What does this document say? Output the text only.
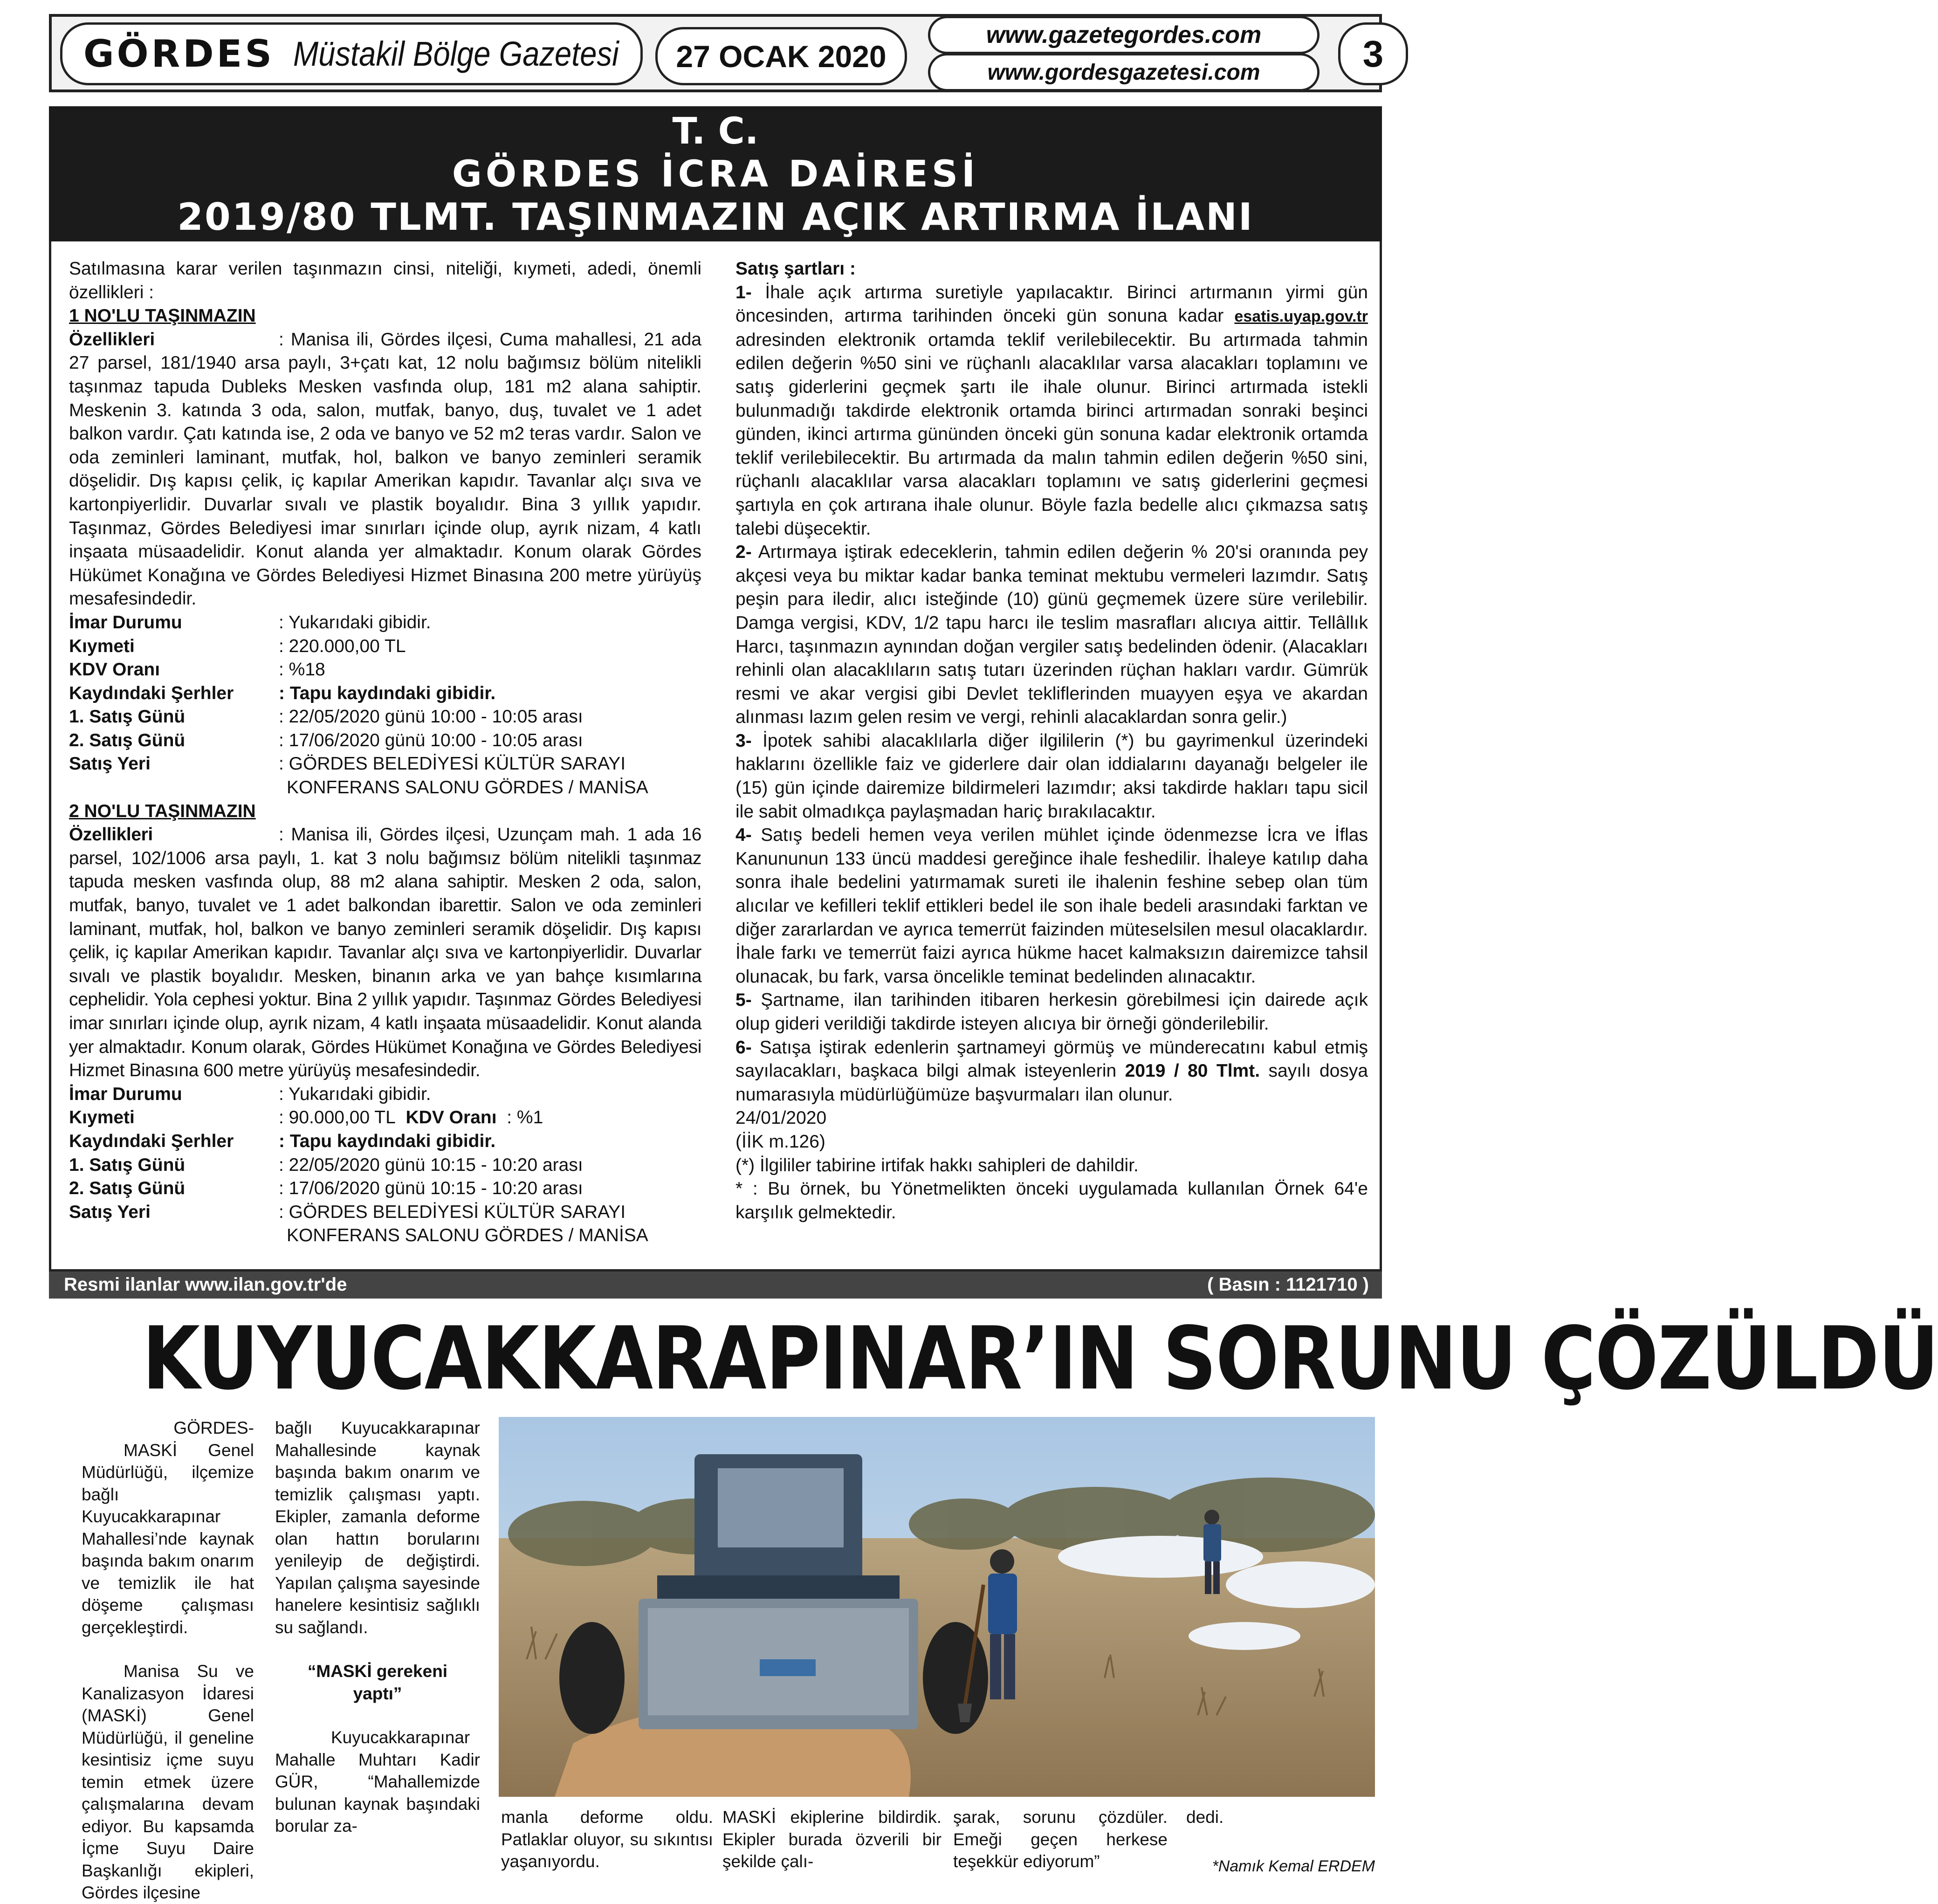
GÖRDES Müstakil Bölge Gazetesi	27 OCAK 2020
www.gazetegordes.com
www.gordesgazetesi.com	3
T. C.
GÖRDES İCRA DAİRESİ
2019/80 TLMT. TAŞINMAZIN AÇIK ARTIRMA İLANI
Satılmasına karar verilen taşınmazın cinsi, niteliği, kıymeti, adedi, önemli özellikleri :
1 NO'LU TAŞINMAZIN
Özellikleri	: Manisa ili, Gördes ilçesi, Cuma mahallesi, 21 ada 27 parsel, 181/1940 arsa paylı, 3+çatı kat, 12 nolu bağımsız bölüm nitelikli taşınmaz tapuda Dubleks Mesken vasfında olup, 181 m2 alana sahiptir. Meskenin 3. katında 3 oda, salon, mutfak, banyo, duş, tuvalet ve 1 adet balkon vardır. Çatı katında ise, 2 oda ve banyo ve 52 m2 teras vardır. Salon ve oda zeminleri laminant, mutfak, hol, balkon ve banyo zeminleri seramik döşelidir. Dış kapısı çelik, iç kapılar Amerikan kapıdır. Tavanlar alçı sıva ve kartonpiyerlidir. Duvarlar sıvalı ve plastik boyalıdır. Bina 3 yıllık yapıdır. Taşınmaz, Gördes Belediyesi imar sınırları içinde olup, ayrık nizam, 4 katlı inşaata müsaadelidir. Konut alanda yer almaktadır. Konum olarak Gördes Hükümet Konağına ve Gördes Belediyesi Hizmet Binasına 200 metre yürüyüş mesafesindedir.
İmar Durumu	: Yukarıdaki gibidir.
Kıymeti	: 220.000,00 TL
KDV Oranı	: %18
Kaydındaki Şerhler	: Tapu kaydındaki gibidir.
1. Satış Günü	: 22/05/2020 günü 10:00 - 10:05 arası
2. Satış Günü	: 17/06/2020 günü 10:00 - 10:05 arası
Satış Yeri	: GÖRDES BELEDİYESİ KÜLTÜR SARAYI
KONFERANS SALONU GÖRDES / MANİSA
2 NO'LU TAŞINMAZIN
Özellikleri	: Manisa ili, Gördes ilçesi, Uzunçam mah. 1 ada 16 parsel, 102/1006 arsa paylı, 1. kat 3 nolu bağımsız bölüm nitelikli taşınmaz tapuda mesken vasfında olup, 88 m2 alana sahiptir. Mesken 2 oda, salon, mutfak, banyo, tuvalet ve 1 adet balkondan ibarettir. Salon ve oda zeminleri laminant, mutfak, hol, balkon ve banyo zeminleri seramik döşelidir. Dış kapısı çelik, iç kapılar Amerikan kapıdır. Tavanlar alçı sıva ve kartonpiyerlidir. Duvarlar sıvalı ve plastik boyalıdır. Mesken, binanın arka ve yan bahçe kısımlarına cephelidir. Yola cephesi yoktur. Bina 2 yıllık yapıdır. Taşınmaz Gördes Belediyesi imar sınırları içinde olup, ayrık nizam, 4 katlı inşaata müsaadelidir. Konut alanda yer almaktadır. Konum olarak, Gördes Hükümet Konağına ve Gördes Belediyesi Hizmet Binasına 600 metre yürüyüş mesafesindedir.
İmar Durumu	: Yukarıdaki gibidir.
Kıymeti	: 90.000,00 TL KDV Oranı : %1
Kaydındaki Şerhler	: Tapu kaydındaki gibidir.
1. Satış Günü	: 22/05/2020 günü 10:15 - 10:20 arası
2. Satış Günü	: 17/06/2020 günü 10:15 - 10:20 arası
Satış Yeri	: GÖRDES BELEDİYESİ KÜLTÜR SARAYI
KONFERANS SALONU GÖRDES / MANİSA
Satış şartları :
1- İhale açık artırma suretiyle yapılacaktır. Birinci artırmanın yirmi gün öncesinden, artırma tarihinden önceki gün sonuna kadar esatis.uyap.gov.tr adresinden elektronik ortamda teklif verilebilecektir. Bu artırmada tahmin edilen değerin %50 sini ve rüçhanlı alacaklılar varsa alacakları toplamını ve satış giderlerini geçmek şartı ile ihale olunur. Birinci artırmada istekli bulunmadığı takdirde elektronik ortamda birinci artırmadan sonraki beşinci günden, ikinci artırma gününden önceki gün sonuna kadar elektronik ortamda teklif verilebilecektir. Bu artırmada da malın tahmin edilen değerin %50 sini, rüçhanlı alacaklılar varsa alacakları toplamını ve satış giderlerini geçmesi şartıyla en çok artırana ihale olunur. Böyle fazla bedelle alıcı çıkmazsa satış talebi düşecektir.
2- Artırmaya iştirak edeceklerin, tahmin edilen değerin % 20'si oranında pey akçesi veya bu miktar kadar banka teminat mektubu vermeleri lazımdır. Satış peşin para iledir, alıcı isteğinde (10) günü geçmemek üzere süre verilebilir. Damga vergisi, KDV, 1/2 tapu harcı ile teslim masrafları alıcıya aittir. Tellâllık Harcı, taşınmazın aynından doğan vergiler satış bedelinden ödenir. (Alacakları rehinli olan alacaklıların satış tutarı üzerinden rüçhan hakları vardır. Gümrük resmi ve akar vergisi gibi Devlet tekliflerinden muayyen eşya ve akardan alınması lazım gelen resim ve vergi, rehinli alacaklardan sonra gelir.)
3- İpotek sahibi alacaklılarla diğer ilgililerin (*) bu gayrimenkul üzerindeki haklarını özellikle faiz ve giderlere dair olan iddialarını dayanağı belgeler ile (15) gün içinde dairemize bildirmeleri lazımdır; aksi takdirde hakları tapu sicil ile sabit olmadıkça paylaşmadan hariç bırakılacaktır.
4- Satış bedeli hemen veya verilen mühlet içinde ödenmezse İcra ve İflas Kanununun 133 üncü maddesi gereğince ihale feshedilir. İhaleye katılıp daha sonra ihale bedelini yatırmamak sureti ile ihalenin feshine sebep olan tüm alıcılar ve kefilleri teklif ettikleri bedel ile son ihale bedeli arasındaki farktan ve diğer zararlardan ve ayrıca temerrüt faizinden müteselsilen mesul olacaklardır. İhale farkı ve temerrüt faizi ayrıca hükme hacet kalmaksızın dairemizce tahsil olunacak, bu fark, varsa öncelikle teminat bedelinden alınacaktır.
5- Şartname, ilan tarihinden itibaren herkesin görebilmesi için dairede açık olup gideri verildiği takdirde isteyen alıcıya bir örneği gönderilebilir.
6- Satışa iştirak edenlerin şartnameyi görmüş ve münderecatını kabul etmiş sayılacakları, başkaca bilgi almak isteyenlerin 2019 / 80 Tlmt. sayılı dosya numarasıyla müdürlüğümüze başvurmaları ilan olunur.
24/01/2020
(İİK m.126)
(*) İlgililer tabirine irtifak hakkı sahipleri de dahildir.
* : Bu örnek, bu Yönetmelikten önceki uygulamada kullanılan Örnek 64'e karşılık gelmektedir.
Resmi ilanlar www.ilan.gov.tr'de	( Basın : 1121710 )
KUYUCAKKARAPINAR’IN SORUNU ÇÖZÜLDÜ
GÖRDES-

MASKİ Genel Müdürlüğü, ilçemize bağlı Kuyucakkarapınar Mahallesi’nde kaynak başında bakım onarım ve temizlik ile hat döşeme çalışması gerçekleştirdi.

Manisa Su ve Kanalizasyon İdaresi (MASKİ) Genel Müdürlüğü, il geneline kesintisiz içme suyu temin etmek üzere çalışmalarına devam ediyor. Bu kapsamda İçme Suyu Daire Başkanlığı ekipleri, Gördes ilçesine

bağlı Kuyucakkarapınar Mahallesinde kaynak başında bakım onarım ve temizlik çalışması yaptı. Ekipler, zamanla deforme olan hattın borularını yenileyip de değiştirdi. Yapılan çalışma sayesinde hanelere kesintisiz sağlıklı su sağlandı.

“MASKİ gerekeni yaptı”

Kuyucakkarapınar Mahalle Muhtarı Kadir GÜR, “Mahallemizde bulunan kaynak başındaki borular za-	manla deforme oldu. Patlaklar oluyor, su sıkıntısı yaşanıyordu.
MASKİ ekiplerine bildirdik. Ekipler burada özverili bir şekilde çalı-
şarak, sorunu çözdüler. Emeği geçen herkese teşekkür ediyorum”
dedi.
*Namık Kemal ERDEM
